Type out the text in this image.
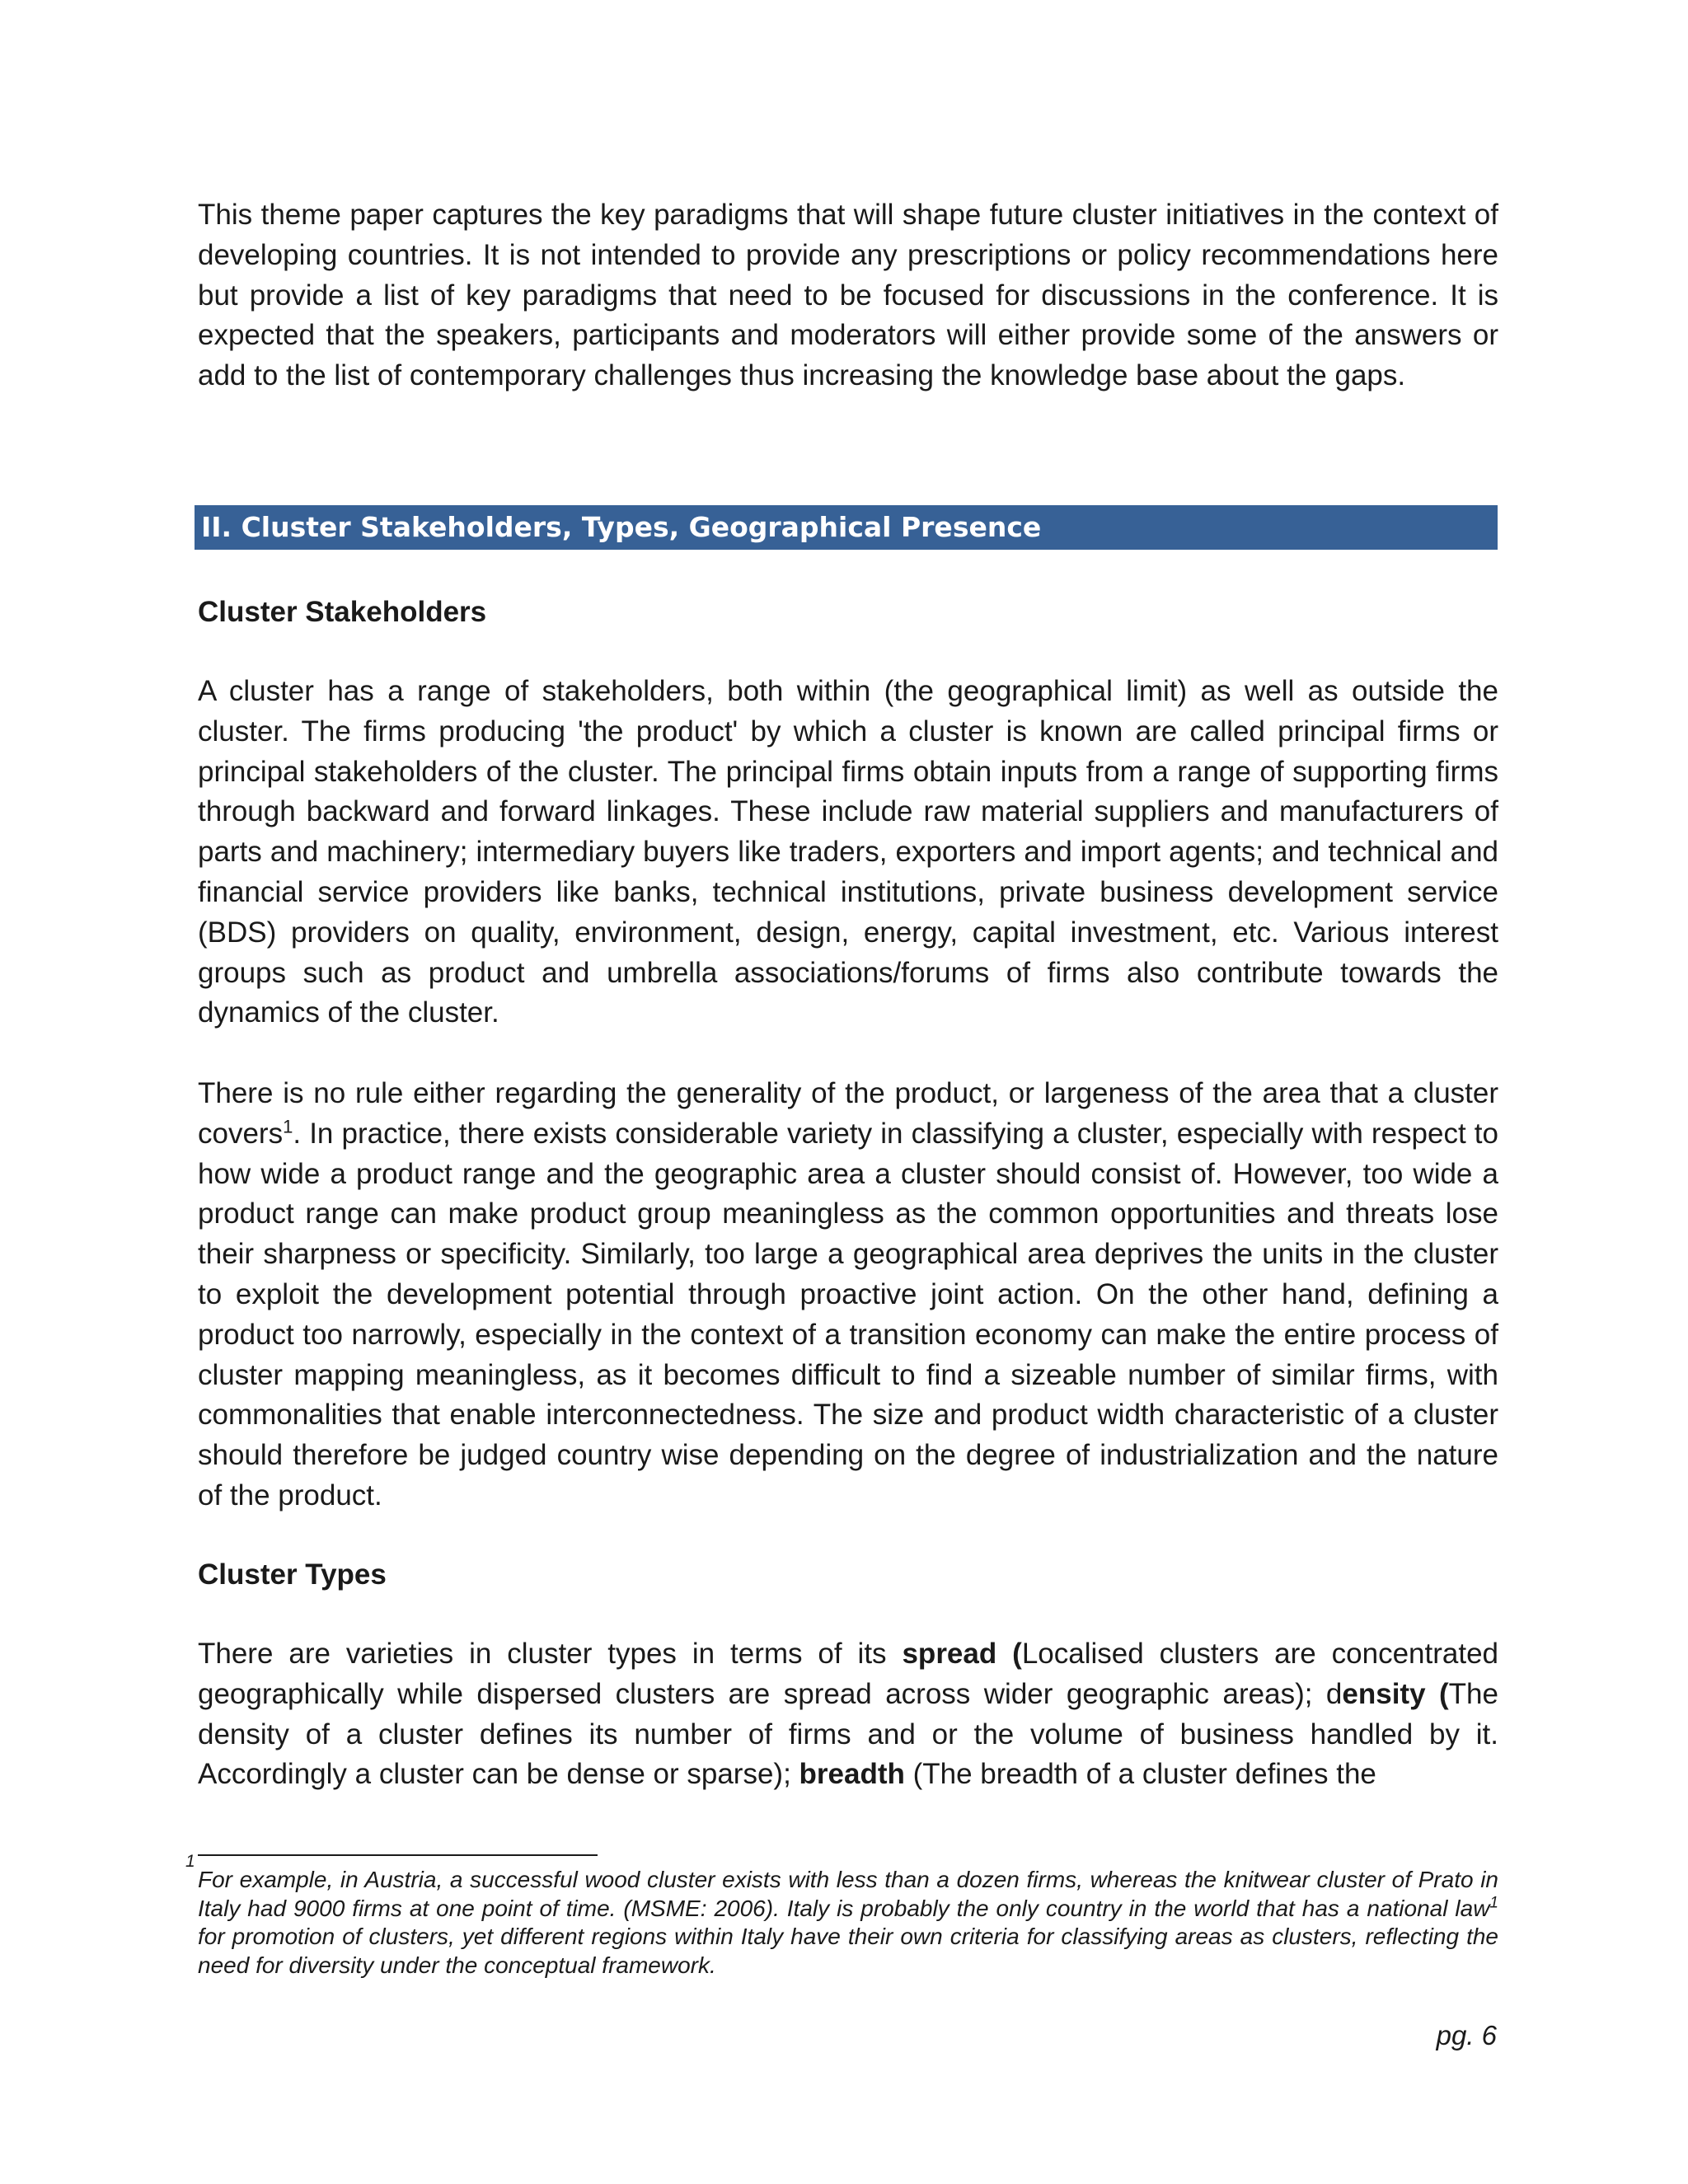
This theme paper captures the key paradigms that will shape future cluster initiatives in the context of developing countries. It is not intended to provide any prescriptions or policy recommendations here but provide a list of key paradigms that need to be focused for discussions in the conference. It is expected that the speakers, participants and moderators will either provide some of the answers or add to the list of contemporary challenges thus increasing the knowledge base about the gaps.

II. Cluster Stakeholders, Types, Geographical Presence
Cluster Stakeholders

A cluster has a range of stakeholders, both within (the geographical limit) as well as outside the cluster. The firms producing 'the product' by which a cluster is known are called principal firms or principal stakeholders of the cluster. The principal firms obtain inputs from a range of supporting firms through backward and forward linkages. These include raw material suppliers and manufacturers of parts and machinery; intermediary buyers like traders, exporters and import agents; and technical and financial service providers like banks, technical institutions, private business development service (BDS) providers on quality, environment, design, energy, capital investment, etc. Various interest groups such as product and umbrella associations/forums of firms also contribute towards the dynamics of the cluster.

There is no rule either regarding the generality of the product, or largeness of the area that a cluster covers$^1$. In practice, there exists considerable variety in classifying a cluster, especially with respect to how wide a product range and the geographic area a cluster should consist of. However, too wide a product range can make product group meaningless as the common opportunities and threats lose their sharpness or specificity. Similarly, too large a geographical area deprives the units in the cluster to exploit the development potential through proactive joint action. On the other hand, defining a product too narrowly, especially in the context of a transition economy can make the entire process of cluster mapping meaningless, as it becomes difficult to find a sizeable number of similar firms, with commonalities that enable interconnectedness. The size and product width characteristic of a cluster should therefore be judged country wise depending on the degree of industrialization and the nature of the product.

Cluster Types

There are varieties in cluster types in terms of its spread (Localised clusters are concentrated geographically while dispersed clusters are spread across wider geographic areas); density (The density of a cluster defines its number of firms and or the volume of business handled by it. Accordingly a cluster can be dense or sparse); breadth (The breadth of a cluster defines the

1

For example, in Austria, a successful wood cluster exists with less than a dozen firms, whereas the knitwear cluster of Prato in Italy had 9000 firms at one point of time. (MSME: 2006). Italy is probably the only country in the world that has a national law$^1$ for promotion of clusters, yet different regions within Italy have their own criteria for classifying areas as clusters, reflecting the need for diversity under the conceptual framework.

pg. 6
